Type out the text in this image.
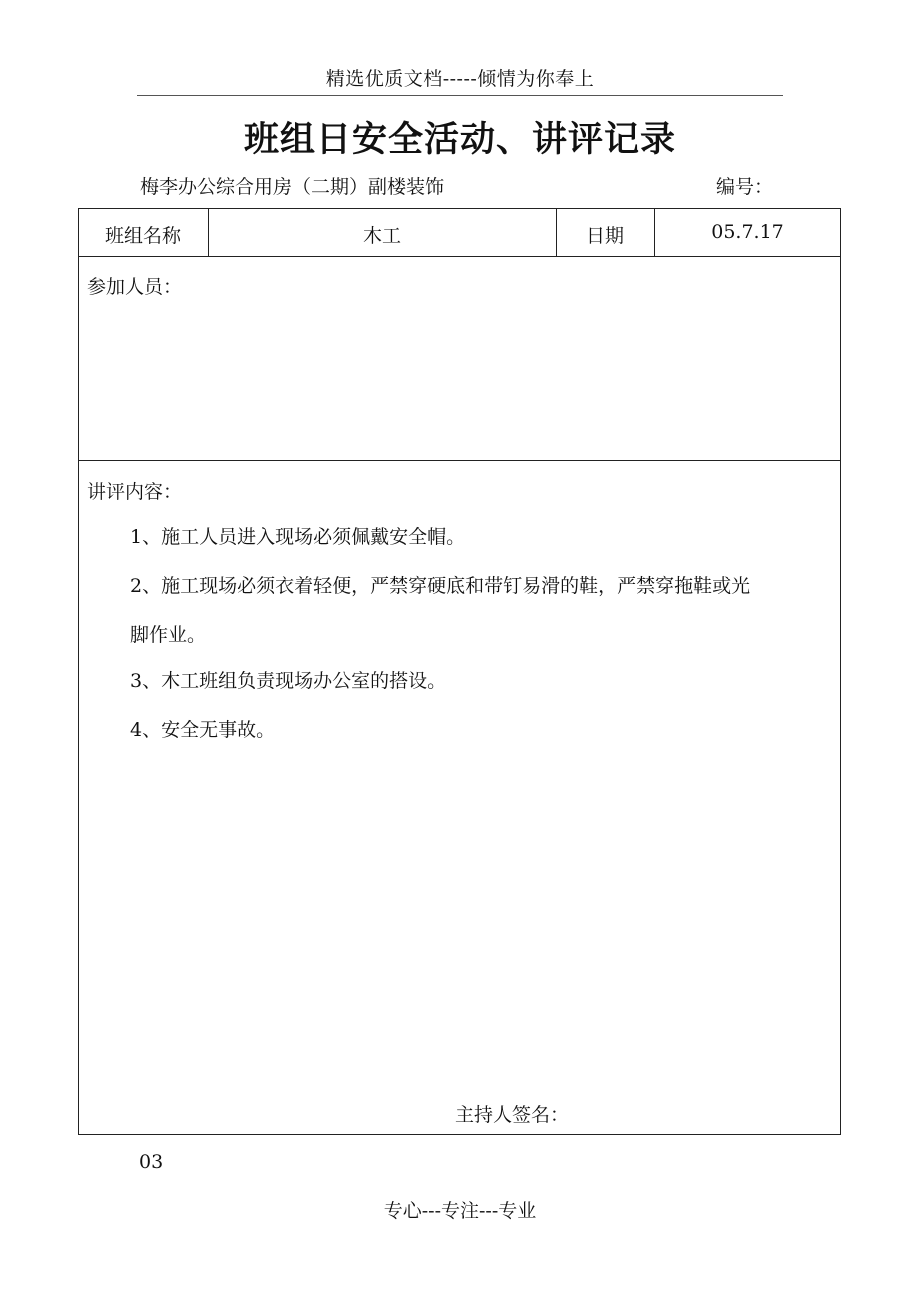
精选优质文档-----倾情为你奉上
班组日安全活动、讲评记录
梅李办公综合用房（二期）副楼装饰	编号：
班组名称	木工	日期	05.7.17
参加人员：
讲评内容：
1、施工人员进入现场必须佩戴安全帽。
2、施工现场必须衣着轻便，严禁穿硬底和带钉易滑的鞋，严禁穿拖鞋或光
脚作业。
3、木工班组负责现场办公室的搭设。
4、安全无事故。
主持人签名：
03
专心---专注---专业
